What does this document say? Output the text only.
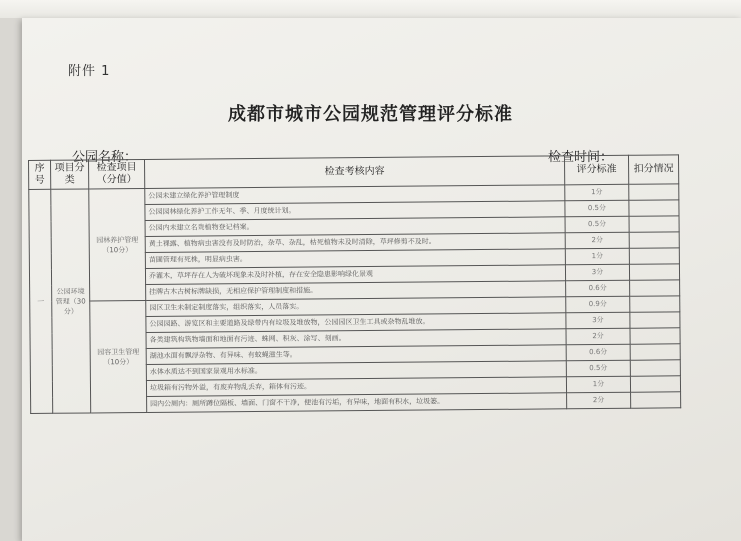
附件 1
成都市城市公园规范管理评分标准
公园名称：	检查时间：
序号	项目分类	检查项目（分值）	检查考核内容	评分标准	扣分情况
一	公园环境管理（30分）	园林养护管理（10分）	公园未建立绿化养护管理制度	1分	
			公园园林绿化养护工作无年、季、月度统计划。	0.5分	
			公园内未建立名贵植物登记档案。	0.5分	
			黄土裸露、植物病虫害没有及时防治，杂草、杂乱，枯死植物未及时清除，草坪修剪不及时。	2分	
			苗圃管理有死株，明显病虫害。	1分	
			乔灌木，草坪存在人为破坏现象未及时补植，存在安全隐患影响绿化景观	3分	
			挂牌古木古树标牌缺损，无相应保护管理制度和措施。	0.6分	
		园容卫生管理（10分）	园区卫生未制定制度落实，组织落实，人员落实。	0.9分	
			公园园路、游览区和主要道路及绿带内有垃圾及堆放物，公园园区卫生工具或杂物乱堆放。	3分	
			各类建筑构筑物墙面和地面有污迹、蛛网、积灰、涂写、刻画。	2分	
			湖池水面有飘浮杂物、有异味、有蚊蝇滋生等。	0.6分	
			水体水质达不到国家景观用水标准。	0.5分	
			垃圾箱有污物外溢，有废弃物乱丢弃，箱体有污迹。	1分	
			园内公厕内：厕所蹲位隔板、墙面、门窗不干净，便池有污垢，有异味，地面有积水，垃圾篓。	2分	
